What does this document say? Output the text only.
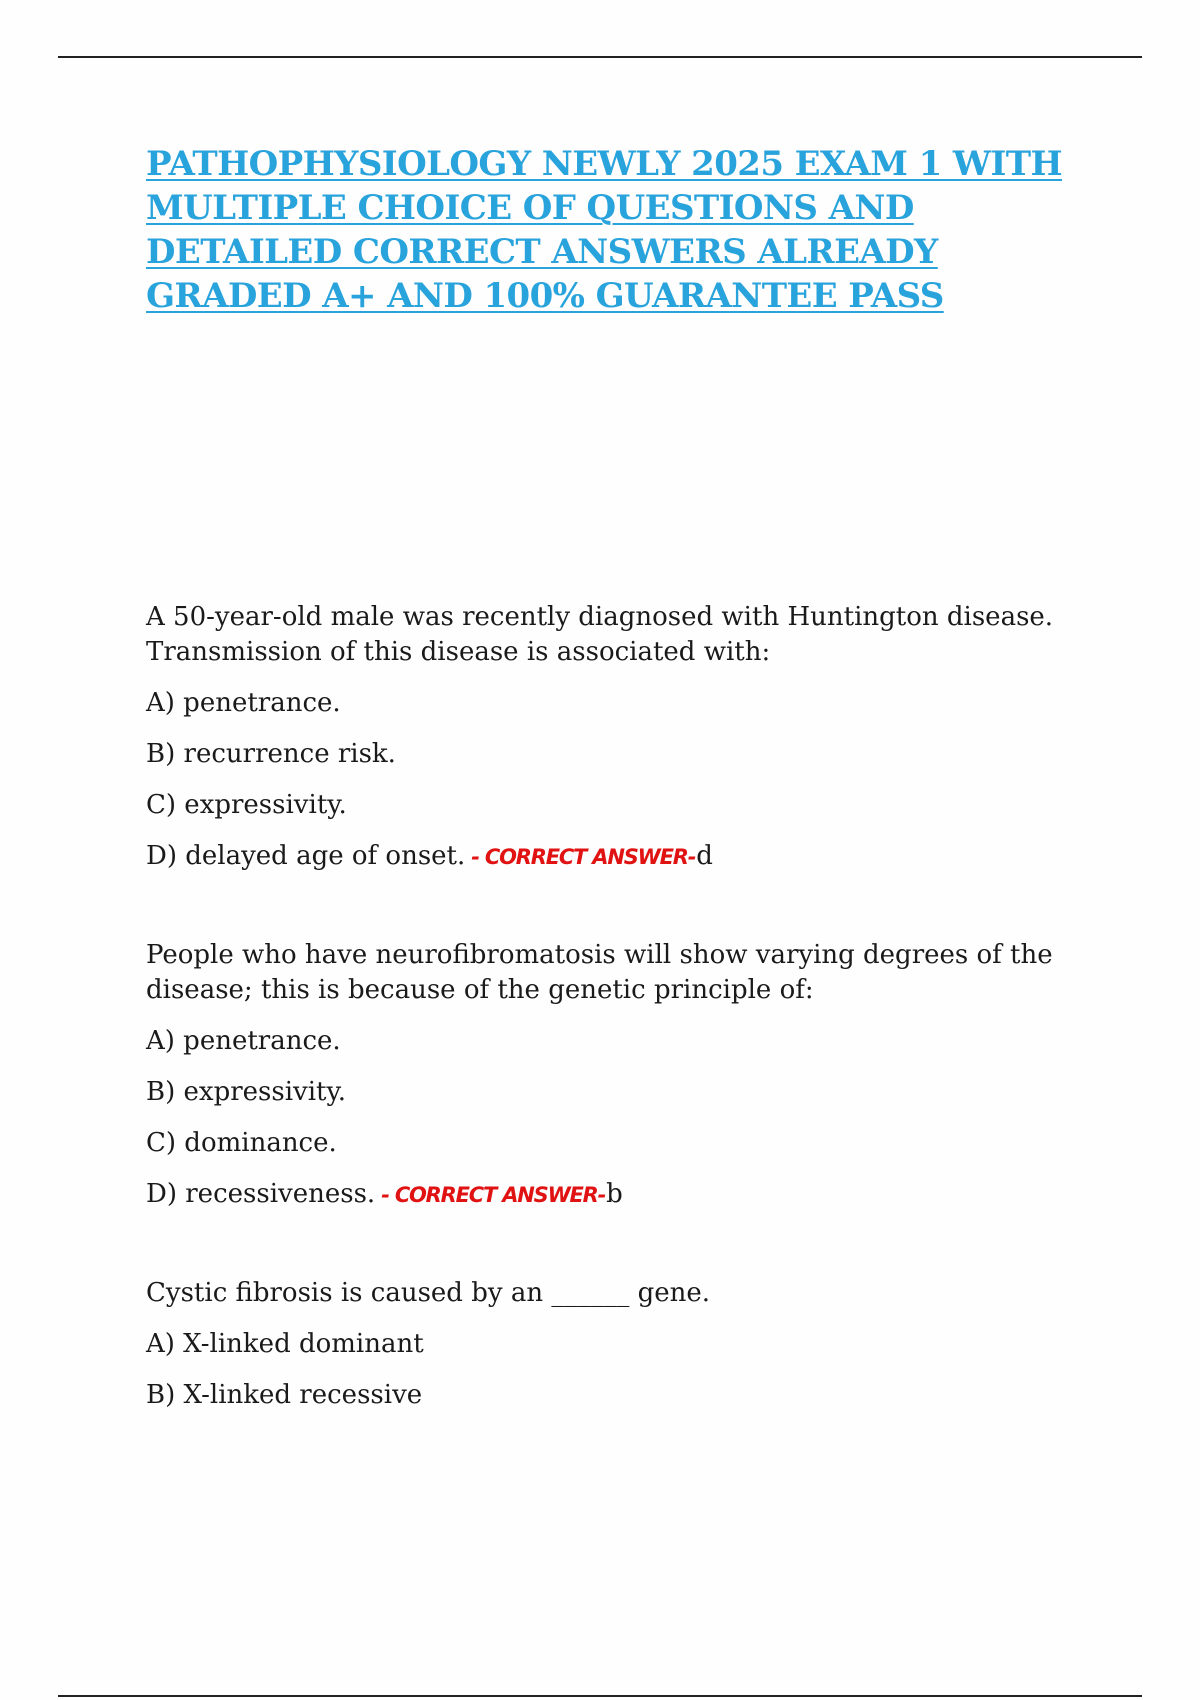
PATHOPHYSIOLOGY NEWLY 2025 EXAM 1 WITH MULTIPLE CHOICE OF QUESTIONS AND DETAILED CORRECT ANSWERS ALREADY GRADED A+ AND 100% GUARANTEE PASS

A 50-year-old male was recently diagnosed with Huntington disease. Transmission of this disease is associated with:

A) penetrance.

B) recurrence risk.

C) expressivity.

D) delayed age of onset. - CORRECT ANSWER-d

People who have neurofibromatosis will show varying degrees of the disease; this is because of the genetic principle of:

A) penetrance.

B) expressivity.

C) dominance.

D) recessiveness. - CORRECT ANSWER-b

Cystic fibrosis is caused by an ______ gene.

A) X-linked dominant

B) X-linked recessive
